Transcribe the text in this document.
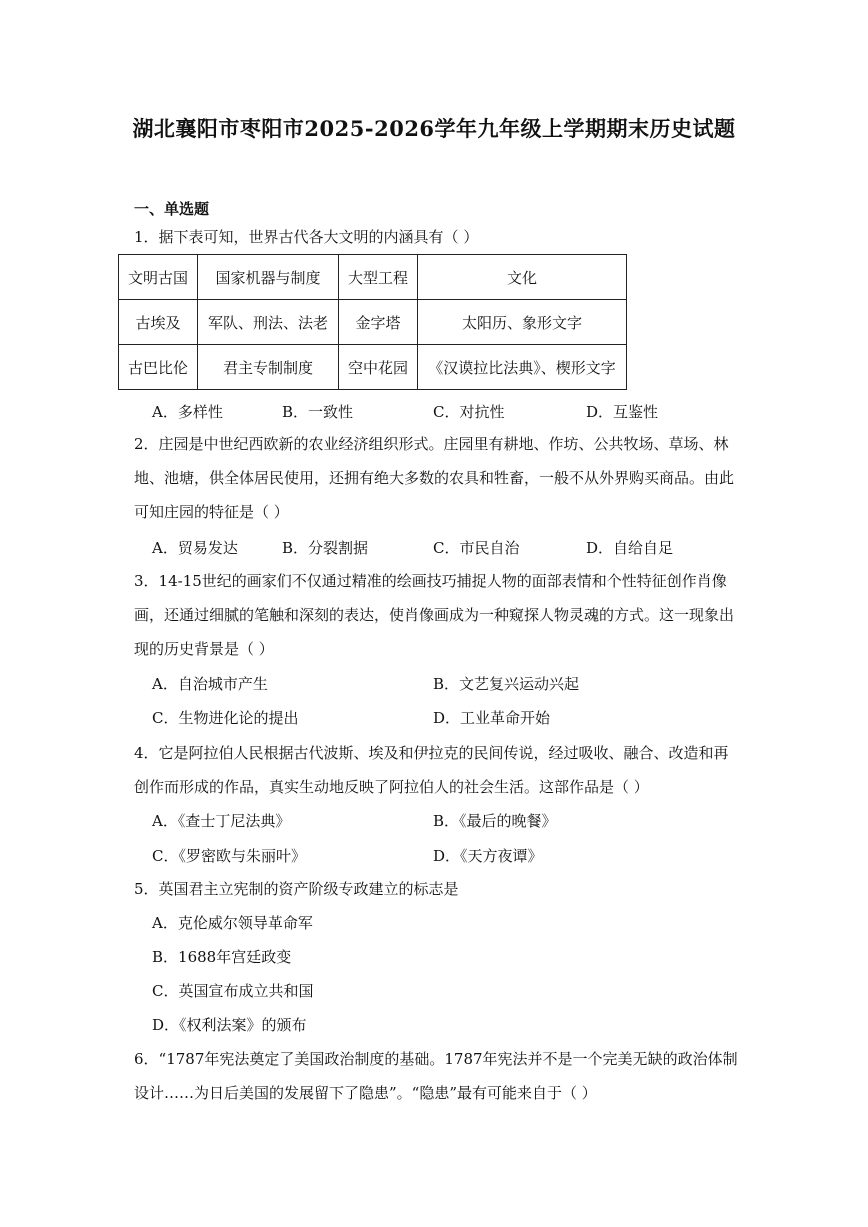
湖北襄阳市枣阳市2025-2026学年九年级上学期期末历史试题
一、单选题
1．据下表可知，世界古代各大文明的内涵具有（ ）
文明古国	国家机器与制度	大型工程	文化
古埃及	军队、刑法、法老	金字塔	太阳历、象形文字
古巴比伦	君主专制制度	空中花园	《汉谟拉比法典》、楔形文字
A．多样性	B．一致性	C．对抗性	D．互鉴性
2．庄园是中世纪西欧新的农业经济组织形式。庄园里有耕地、作坊、公共牧场、草场、林
地、池塘，供全体居民使用，还拥有绝大多数的农具和牲畜，一般不从外界购买商品。由此
可知庄园的特征是（ ）
A．贸易发达	B．分裂割据	C．市民自治	D．自给自足
3．14-15世纪的画家们不仅通过精准的绘画技巧捕捉人物的面部表情和个性特征创作肖像
画，还通过细腻的笔触和深刻的表达，使肖像画成为一种窥探人物灵魂的方式。这一现象出
现的历史背景是（ ）
A．自治城市产生	B．文艺复兴运动兴起
C．生物进化论的提出	D．工业革命开始
4．它是阿拉伯人民根据古代波斯、埃及和伊拉克的民间传说，经过吸收、融合、改造和再
创作而形成的作品，真实生动地反映了阿拉伯人的社会生活。这部作品是（ ）
A．《查士丁尼法典》	B．《最后的晚餐》
C．《罗密欧与朱丽叶》	D．《天方夜谭》
5．英国君主立宪制的资产阶级专政建立的标志是
A．克伦威尔领导革命军
B．1688年宫廷政变
C．英国宣布成立共和国
D．《权利法案》的颁布
6．“1787年宪法奠定了美国政治制度的基础。1787年宪法并不是一个完美无缺的政治体制
设计……为日后美国的发展留下了隐患”。“隐患”最有可能来自于（ ）
